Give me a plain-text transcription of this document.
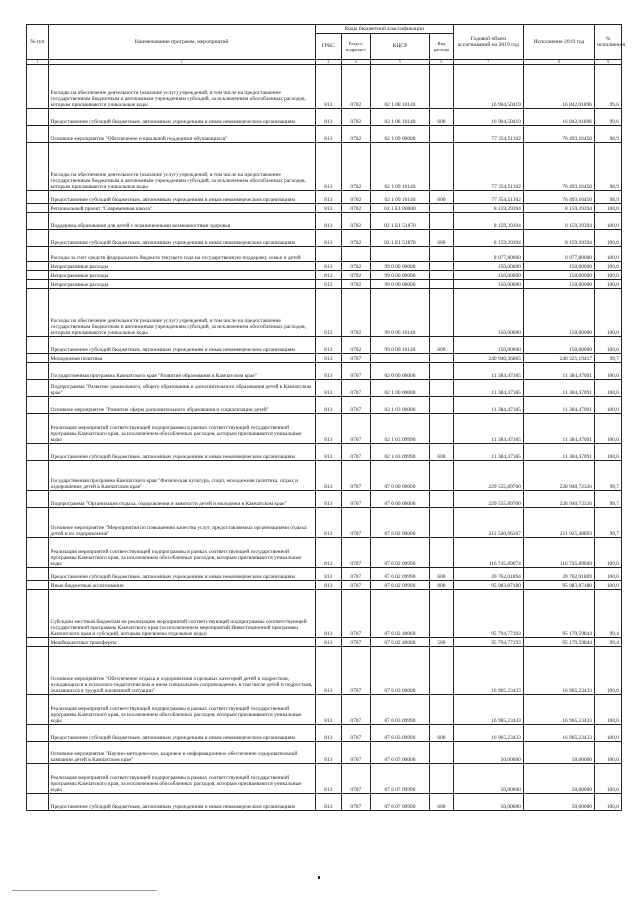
№ п/п	Наименование программ, мероприятий	Коды бюджетной классификации				Годовой объем ассигнований на 2019 год	Исполнение 2019 год	% исполнения
		ГРБС	Раздел, подраздел	КЦСР	Вид расхода			
1	2	3	4	5	6	7	8	9
	Расходы на обеспечение деятельности (оказание услуг) учреждений, в том числе на предоставление государственным бюджетным и автономным учреждениям субсидий, за исключением обособленных расходов, которым присваиваются уникальные коды	813	0702	02 1 08 10140		16 904,50419	16 842,01896	99,6
	Предоставление субсидий бюджетным, автономным учреждениям и иным некоммерческим организациям	813	0702	02 1 08 10140	600	16 904,50419	16 842,01896	99,6
	Основное мероприятие "Обеспечение социальной поддержки обучающихся"	813	0702	02 1 09 00000		77 354,51102	76 493,16450	98,9
	Расходы на обеспечение деятельности (оказание услуг) учреждений, в том числе на предоставление государственным бюджетным и автономным учреждениям субсидий, за исключением обособленных расходов, которым присваиваются уникальные коды	813	0702	02 1 09 10140		77 354,51102	76 493,16450	98,9
	Предоставление субсидий бюджетным, автономным учреждениям и иным некоммерческим организациям	813	0702	02 1 09 10140	600	77 354,51102	76 493,16450	98,9
	Региональный проект "Современная школа"	813	0702	02 1 E1 00000		8 159,39394	8 159,39394	100,0
	Поддержка образования для детей с ограниченными возможностями здоровья	813	0702	02 1 E1 51870		8 159,39394	8 159,39394	100,0
	Предоставление субсидий бюджетным, автономным учреждениям и иным некоммерческим организациям	813	0702	02 1 E1 51870	600	8 159,39394	8 159,39394	100,0
	Расходы за счет средств федерального бюджета текущего года на государственную поддержку семьи и детей					8 077,80000	8 077,80000	100,0
	Непрограммные расходы	813	0702	99 0 00 00000		150,00000	150,00000	100,0
	Непрограммные расходы	813	0702	99 0 00 00000		150,00000	150,00000	100,0
	Непрограммные расходы	813	0702	99 0 00 00000		150,00000	150,00000	100,0
	Расходы на обеспечение деятельности (оказание услуг) учреждений, в том числе на предоставление государственным бюджетным и автономным учреждениям субсидий, за исключением обособленных расходов, которым присваиваются уникальные коды	813	0702	99 0 00 10140		150,00000	150,00000	100,0
	Предоставление субсидий бюджетным, автономным учреждениям и иным некоммерческим организациям	813	0702	99 0 00 10140	600	150,00000	150,00000	100,0
	Молодежная политика	813	0707			240 940,36885	240 325,19417	99,7
	Государственная программа Камчатского края "Развитие образования в Камчатском крае"	813	0707	02 0 00 00000		11 384,47185	11 384,47091	100,0
	Подпрограмма "Развитие дошкольного, общего образования и дополнительного образования детей в Камчатском крае"	813	0707	02 1 00 00000		11 384,47185	11 384,47091	100,0
	Основное мероприятие "Развитие сферы дополнительного образования и социализации детей"	813	0707	02 1 03 00000		11 384,47185	11 384,47091	100,0
	Реализация мероприятий соответствующей подпрограммы в рамках соответствующей государственной программы Камчатского края, за исключением обособленных расходов, которым присваиваются уникальные коды	813	0707	02 1 03 09990		11 384,47185	11 384,47091	100,0
	Предоставление субсидий бюджетным, автономным учреждениям и иным некоммерческим организациям	813	0707	02 1 03 09990	600	11 384,47185	11 384,47091	100,0
	Государственная программа Камчатского края "Физическая культура, спорт, молодежная политика, отдых и оздоровление детей в Камчатском крае"	813	0707	07 0 00 00000		229 555,89700	228 940,72326	99,7
	Подпрограмма "Организация отдыха, оздоровления и занятости детей и молодежи в Камчатском крае"	813	0707	07 6 00 00000		229 555,89700	228 940,72326	99,7
	Основное мероприятие "Мероприятия по повышению качества услуг, предоставляемых организациями отдыха детей и их оздоровления"	813	0707	07 6 02 00000		212 540,66267	211 925,48893	99,7
	Реализация мероприятий соответствующей подпрограммы в рамках соответствующей государственной программы Камчатского края, за исключением обособленных расходов, которым присваиваются уникальные коды	813	0707	07 6 02 09990		116 745,89074	116 745,89049	100,0
	Предоставление субсидий бюджетным, автономным учреждениям и иным некоммерческим организациям	813	0707	07 6 02 09990	600	20 762,01894	20 762,01869	100,0
	Иные бюджетные ассигнования	813	0707	07 6 02 09990	800	95 983,87180	95 983,87180	100,0
	Субсидии местным бюджетам на реализацию мероприятий соответствующей подпрограммы соответствующей государственной программы Камчатского края (за исключением мероприятий Инвестиционной программы Камчатского края и субсидий, которым присвоены отдельные коды)	813	0707	07 6 02 40060		95 794,77193	95 179,59844	99,4
	Межбюджетные трансферты	813	0707	07 6 02 40060	500	95 794,77193	95 179,59844	99,4
	Основное мероприятие "Обеспечение отдыха и оздоровления отдельных категорий детей и подростков, нуждающихся в психолого-педагогическом и ином специальном сопровождении, в том числе детей и подростков, оказавшихся в трудной жизненной ситуации"	813	0707	07 6 03 00000		16 965,23433	16 965,23433	100,0
	Реализация мероприятий соответствующей подпрограммы в рамках соответствующей государственной программы Камчатского края, за исключением обособленных расходов, которым присваиваются уникальные коды	813	0707	07 6 03 09990		16 965,23433	16 965,23433	100,0
	Предоставление субсидий бюджетным, автономным учреждениям и иным некоммерческим организациям	813	0707	07 6 03 09990	600	16 965,23433	16 965,23433	100,0
	Основное мероприятие "Научно-методическое, кадровое и информационное обеспечение оздоровительной кампании детей в Камчатском крае"	813	0707	07 6 07 00000		50,00000	50,00000	100,0
	Реализация мероприятий соответствующей подпрограммы в рамках соответствующей государственной программы Камчатского края, за исключением обособленных расходов, которым присваиваются уникальные коды	813	0707	07 6 07 09990		50,00000	50,00000	100,0
	Предоставление субсидий бюджетным, автономным учреждениям и иным некоммерческим организациям	813	0707	07 6 07 09990	600	50,00000	50,00000	100,0
